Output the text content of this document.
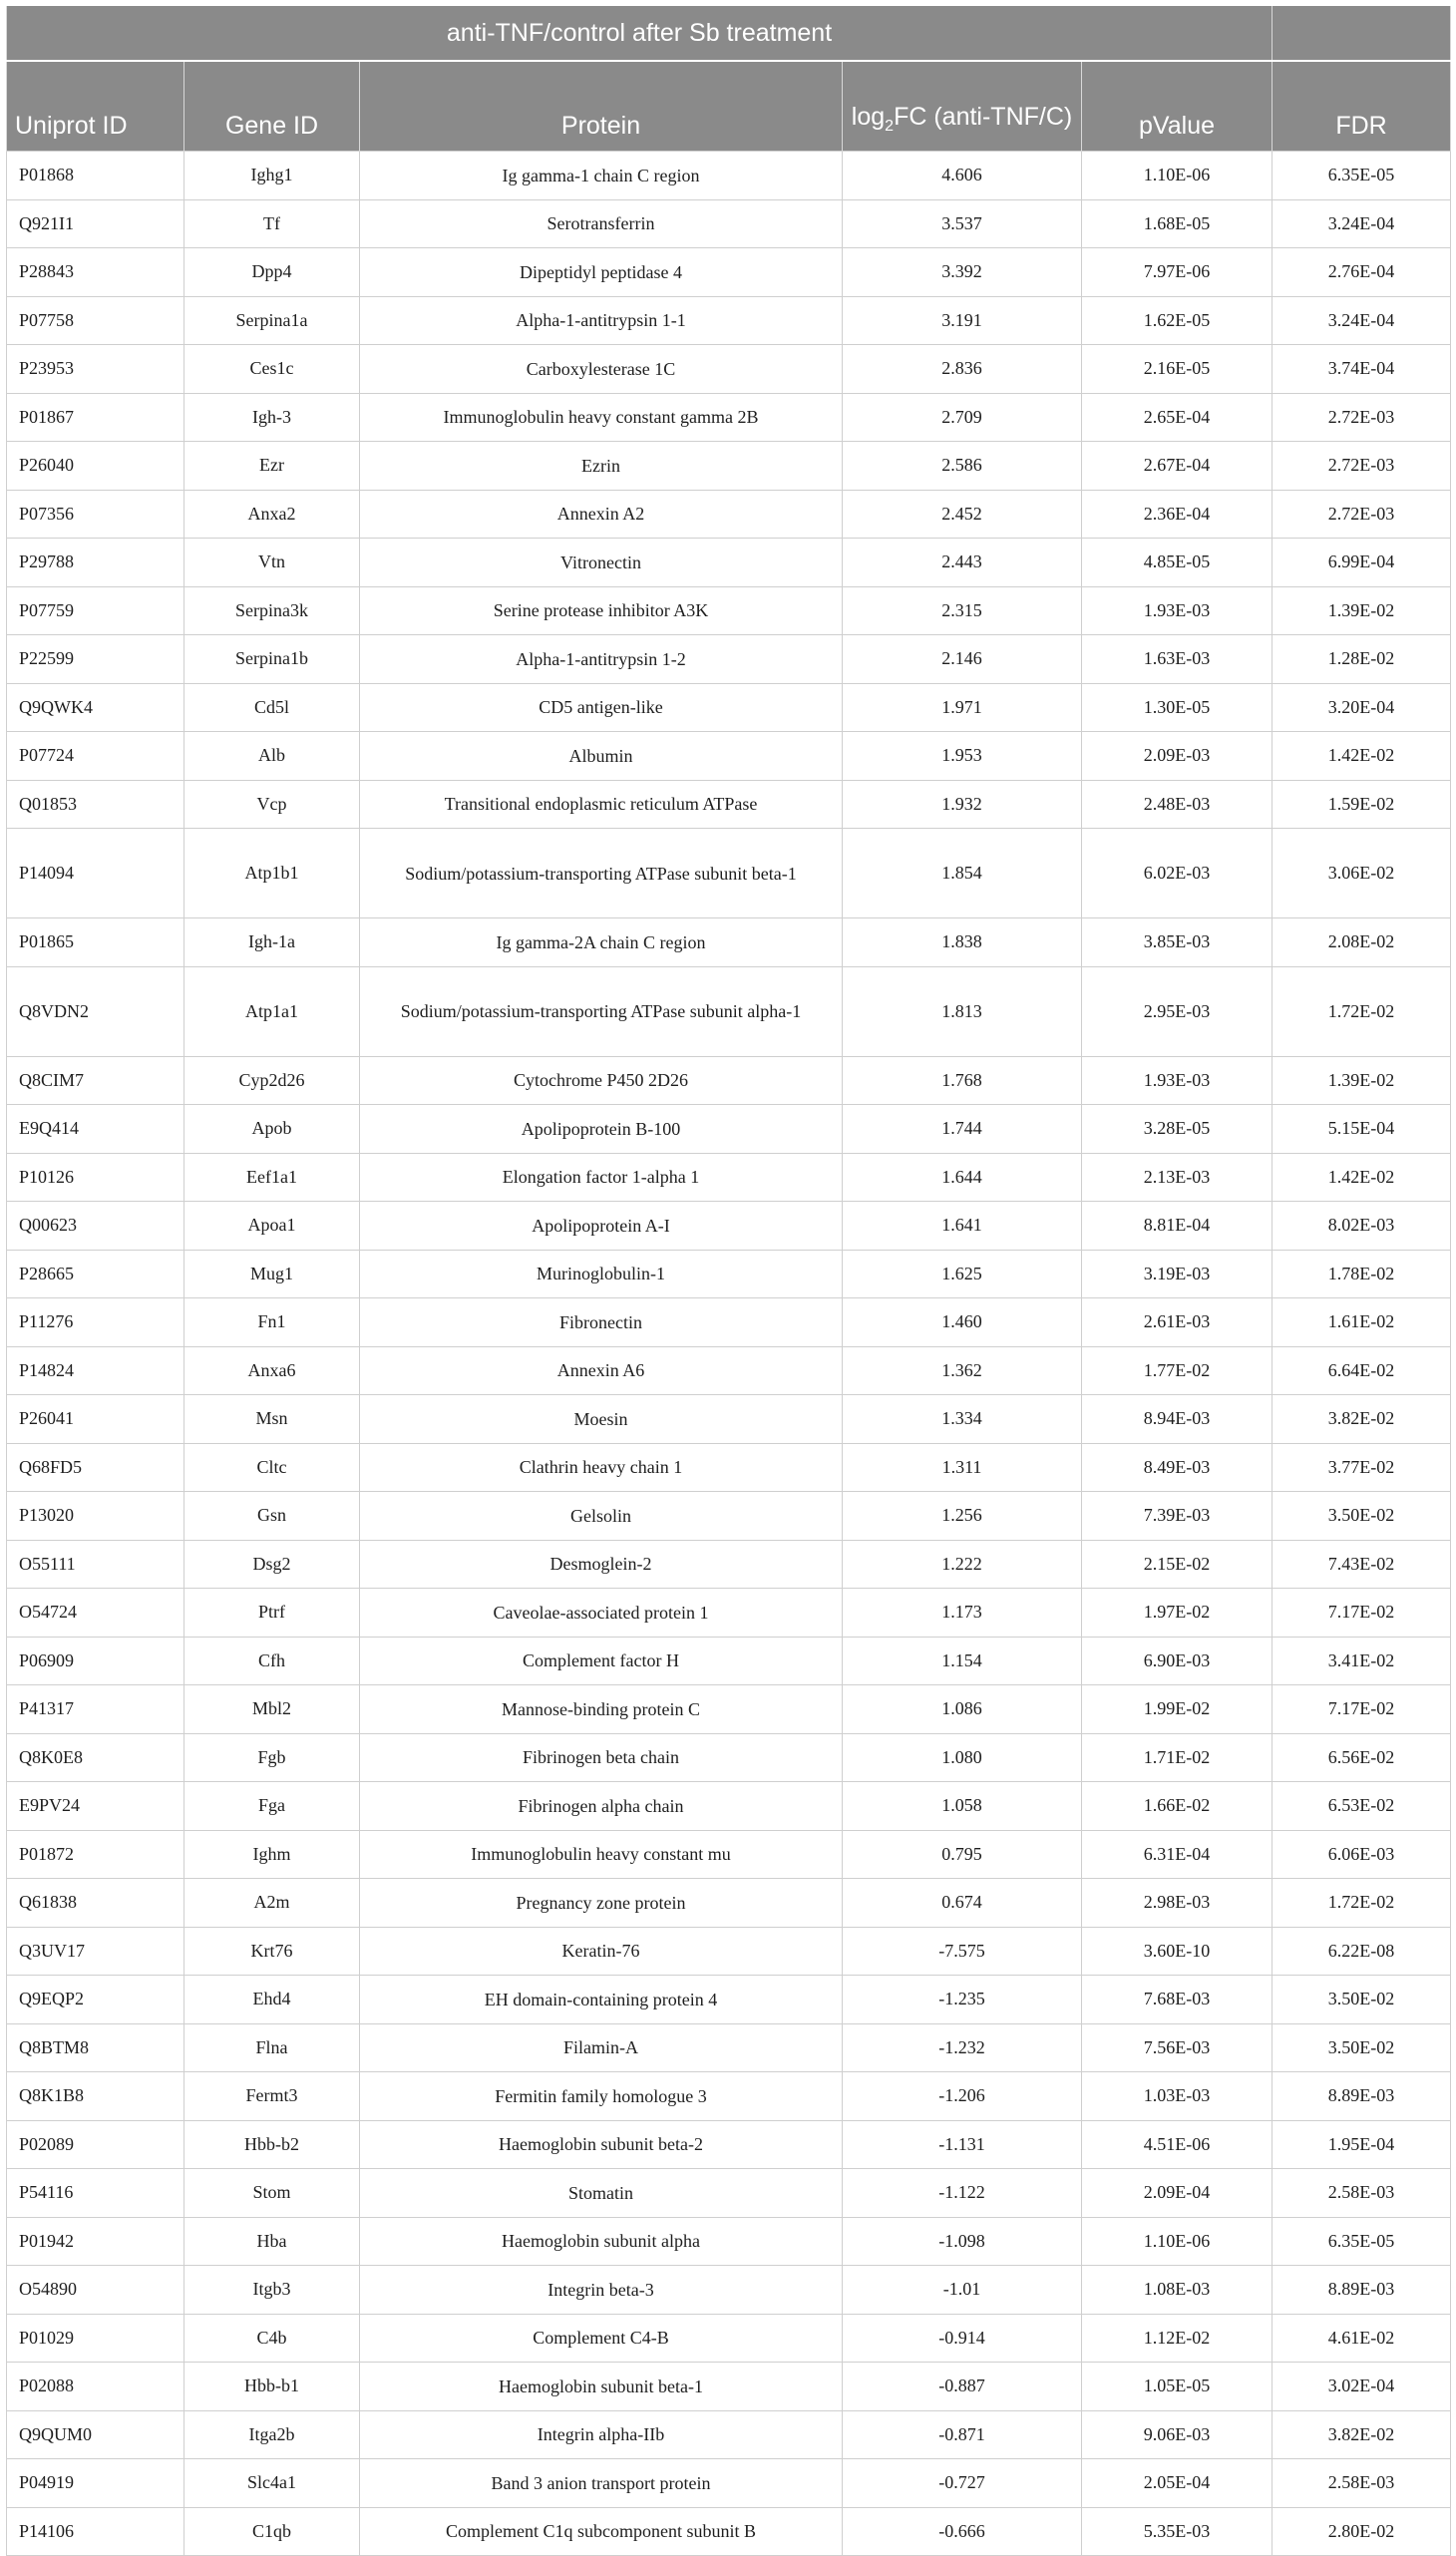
anti-TNF/control after Sb treatment					
Uniprot ID	Gene ID	Protein	$\log_2FC$ (anti-TNF/C)	pValue	FDR
P01868	Ighg1	Ig gamma-1 chain C region	4.606	1.10E-06	6.35E-05
Q921I1	Tf	Serotransferrin	3.537	1.68E-05	3.24E-04
P28843	Dpp4	Dipeptidyl peptidase 4	3.392	7.97E-06	2.76E-04
P07758	Serpina1a	Alpha-1-antitrypsin 1-1	3.191	1.62E-05	3.24E-04
P23953	Ces1c	Carboxylesterase 1C	2.836	2.16E-05	3.74E-04
P01867	Igh-3	Immunoglobulin heavy constant gamma 2B	2.709	2.65E-04	2.72E-03
P26040	Ezr	Ezrin	2.586	2.67E-04	2.72E-03
P07356	Anxa2	Annexin A2	2.452	2.36E-04	2.72E-03
P29788	Vtn	Vitronectin	2.443	4.85E-05	6.99E-04
P07759	Serpina3k	Serine protease inhibitor A3K	2.315	1.93E-03	1.39E-02
P22599	Serpina1b	Alpha-1-antitrypsin 1-2	2.146	1.63E-03	1.28E-02
Q9QWK4	Cd5l	CD5 antigen-like	1.971	1.30E-05	3.20E-04
P07724	Alb	Albumin	1.953	2.09E-03	1.42E-02
Q01853	Vcp	Transitional endoplasmic reticulum ATPase	1.932	2.48E-03	1.59E-02
P14094	Atp1b1	Sodium/potassium-transporting ATPase subunit beta-1	1.854	6.02E-03	3.06E-02
P01865	Igh-1a	Ig gamma-2A chain C region	1.838	3.85E-03	2.08E-02
Q8VDN2	Atp1a1	Sodium/potassium-transporting ATPase subunit alpha-1	1.813	2.95E-03	1.72E-02
Q8CIM7	Cyp2d26	Cytochrome P450 2D26	1.768	1.93E-03	1.39E-02
E9Q414	Apob	Apolipoprotein B-100	1.744	3.28E-05	5.15E-04
P10126	Eef1a1	Elongation factor 1-alpha 1	1.644	2.13E-03	1.42E-02
Q00623	Apoa1	Apolipoprotein A-I	1.641	8.81E-04	8.02E-03
P28665	Mug1	Murinoglobulin-1	1.625	3.19E-03	1.78E-02
P11276	Fn1	Fibronectin	1.460	2.61E-03	1.61E-02
P14824	Anxa6	Annexin A6	1.362	1.77E-02	6.64E-02
P26041	Msn	Moesin	1.334	8.94E-03	3.82E-02
Q68FD5	Cltc	Clathrin heavy chain 1	1.311	8.49E-03	3.77E-02
P13020	Gsn	Gelsolin	1.256	7.39E-03	3.50E-02
O55111	Dsg2	Desmoglein-2	1.222	2.15E-02	7.43E-02
O54724	Ptrf	Caveolae-associated protein 1	1.173	1.97E-02	7.17E-02
P06909	Cfh	Complement factor H	1.154	6.90E-03	3.41E-02
P41317	Mbl2	Mannose-binding protein C	1.086	1.99E-02	7.17E-02
Q8K0E8	Fgb	Fibrinogen beta chain	1.080	1.71E-02	6.56E-02
E9PV24	Fga	Fibrinogen alpha chain	1.058	1.66E-02	6.53E-02
P01872	Ighm	Immunoglobulin heavy constant mu	0.795	6.31E-04	6.06E-03
Q61838	A2m	Pregnancy zone protein	0.674	2.98E-03	1.72E-02
Q3UV17	Krt76	Keratin-76	-7.575	3.60E-10	6.22E-08
Q9EQP2	Ehd4	EH domain-containing protein 4	-1.235	7.68E-03	3.50E-02
Q8BTM8	Flna	Filamin-A	-1.232	7.56E-03	3.50E-02
Q8K1B8	Fermt3	Fermitin family homologue 3	-1.206	1.03E-03	8.89E-03
P02089	Hbb-b2	Haemoglobin subunit beta-2	-1.131	4.51E-06	1.95E-04
P54116	Stom	Stomatin	-1.122	2.09E-04	2.58E-03
P01942	Hba	Haemoglobin subunit alpha	-1.098	1.10E-06	6.35E-05
O54890	Itgb3	Integrin beta-3	-1.01	1.08E-03	8.89E-03
P01029	C4b	Complement C4-B	-0.914	1.12E-02	4.61E-02
P02088	Hbb-b1	Haemoglobin subunit beta-1	-0.887	1.05E-05	3.02E-04
Q9QUM0	Itga2b	Integrin alpha-IIb	-0.871	9.06E-03	3.82E-02
P04919	Slc4a1	Band 3 anion transport protein	-0.727	2.05E-04	2.58E-03
P14106	C1qb	Complement C1q subcomponent subunit B	-0.666	5.35E-03	2.80E-02
